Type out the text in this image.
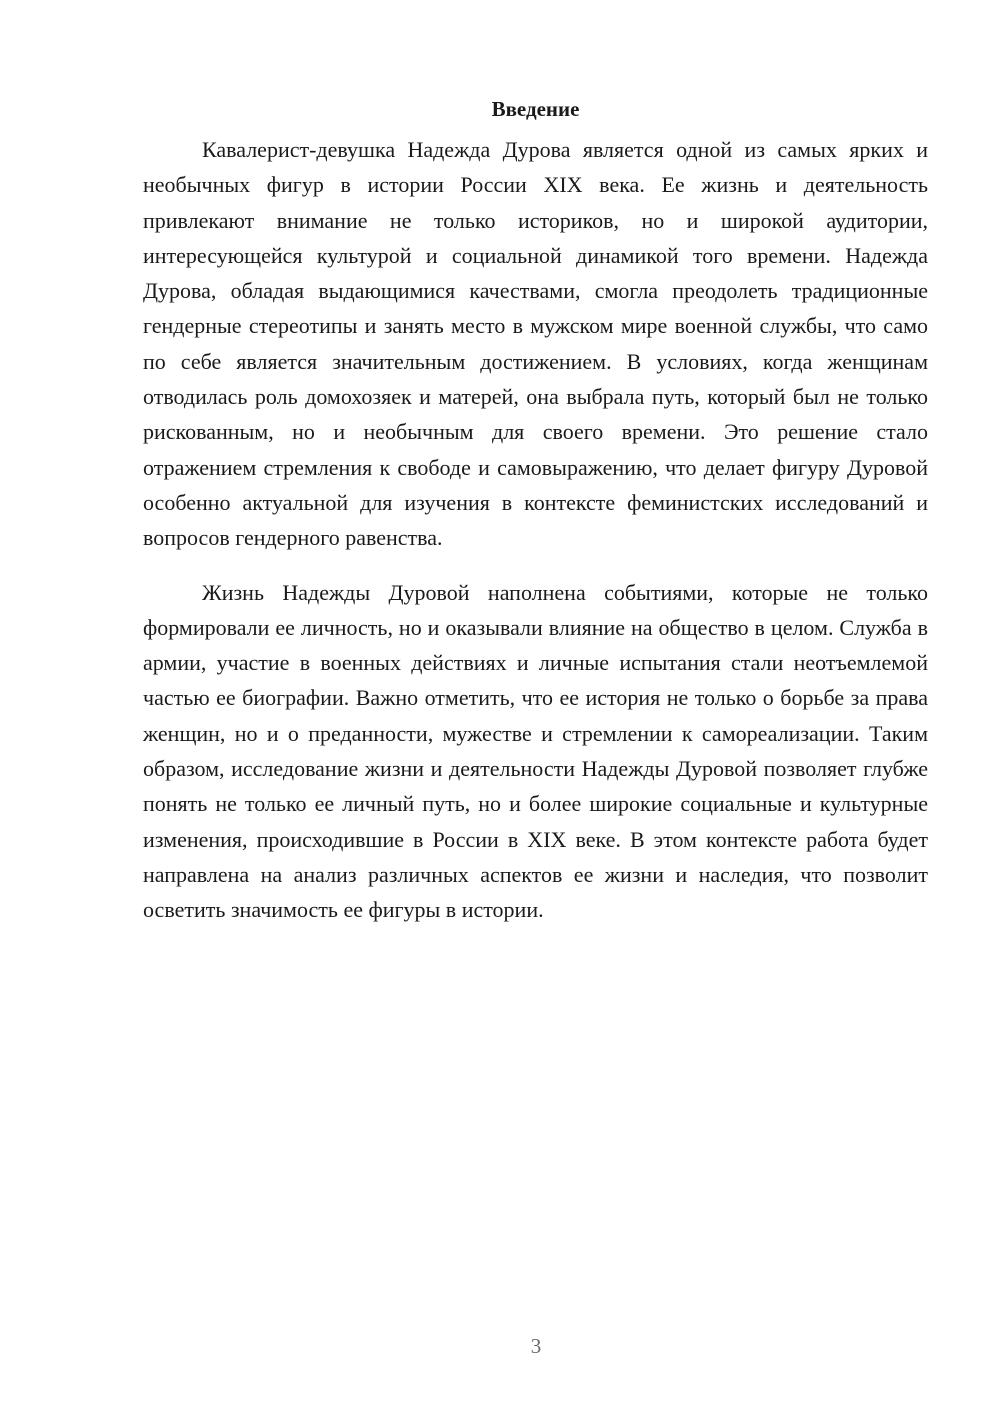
Введение

Кавалерист-девушка Надежда Дурова является одной из самых ярких и необычных фигур в истории России XIX века. Ее жизнь и деятельность привлекают внимание не только историков, но и широкой аудитории, интересующейся культурой и социальной динамикой того времени. Надежда Дурова, обладая выдающимися качествами, смогла преодолеть традиционные гендерные стереотипы и занять место в мужском мире военной службы, что само по себе является значительным достижением. В условиях, когда женщинам отводилась роль домохозяек и матерей, она выбрала путь, который был не только рискованным, но и необычным для своего времени. Это решение стало отражением стремления к свободе и самовыражению, что делает фигуру Дуровой особенно актуальной для изучения в контексте феминистских исследований и вопросов гендерного равенства.

Жизнь Надежды Дуровой наполнена событиями, которые не только формировали ее личность, но и оказывали влияние на общество в целом. Служба в армии, участие в военных действиях и личные испытания стали неотъемлемой частью ее биографии. Важно отметить, что ее история не только о борьбе за права женщин, но и о преданности, мужестве и стремлении к самореализации. Таким образом, исследование жизни и деятельности Надежды Дуровой позволяет глубже понять не только ее личный путь, но и более широкие социальные и культурные изменения, происходившие в России в XIX веке. В этом контексте работа будет направлена на анализ различных аспектов ее жизни и наследия, что позволит осветить значимость ее фигуры в истории.

3
